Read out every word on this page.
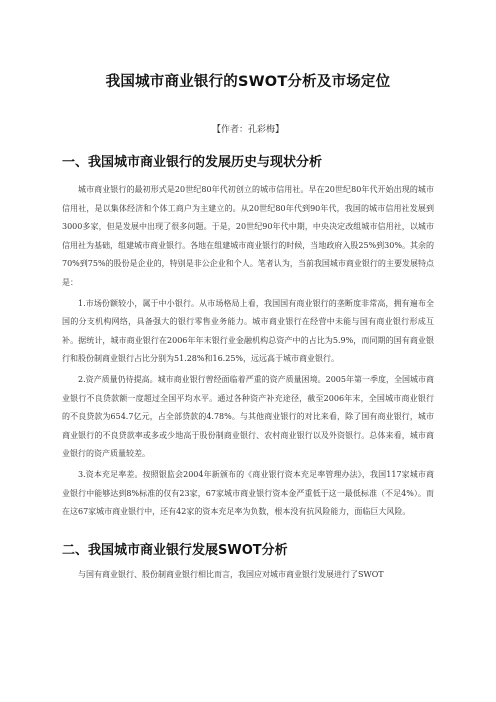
我国城市商业银行的SWOT分析及市场定位
【作者：孔彩梅】
一、我国城市商业银行的发展历史与现状分析

城市商业银行的最初形式是20世纪80年代初创立的城市信用社。早在20世纪80年代开始出现的城市信用社，是以集体经济和个体工商户为主建立的。从20世纪80年代到90年代，我国的城市信用社发展到3000多家，但是发展中出现了很多问题。于是，20世纪90年代中期，中央决定改组城市信用社，以城市信用社为基础，组建城市商业银行。各地在组建城市商业银行的时候，当地政府入股25%到30%。其余的70%到75%的股份是企业的，特别是非公企业和个人。笔者认为，当前我国城市商业银行的主要发展特点是：

1.市场份额较小，属于中小银行。从市场格局上看，我国国有商业银行的垄断度非常高，拥有遍布全国的分支机构网络，具备强大的银行零售业务能力。城市商业银行在经营中未能与国有商业银行形成互补。据统计，城市商业银行在2006年年末银行业金融机构总资产中的占比为5.9%，而同期的国有商业银行和股份制商业银行占比分别为51.28%和16.25%，远远高于城市商业银行。

2.资产质量仍待提高。城市商业银行曾经面临着严重的资产质量困境。2005年第一季度，全国城市商业银行不良贷款额一度超过全国平均水平。通过各种资产补充途径，截至2006年末，全国城市商业银行的不良贷款为654.7亿元，占全部贷款的4.78%。与其他商业银行的对比来看，除了国有商业银行，城市商业银行的不良贷款率或多或少地高于股份制商业银行、农村商业银行以及外资银行。总体来看，城市商业银行的资产质量较差。

3.资本充足率差。按照银监会2004年新颁布的《商业银行资本充足率管理办法》，我国117家城市商业银行中能够达到8%标准的仅有23家，67家城市商业银行资本金严重低于这一最低标准（不足4%）。而在这67家城市商业银行中，还有42家的资本充足率为负数，根本没有抗风险能力，面临巨大风险。

二、我国城市商业银行发展SWOT分析

与国有商业银行、股份制商业银行相比而言，我国应对城市商业银行发展进行了SWOT
